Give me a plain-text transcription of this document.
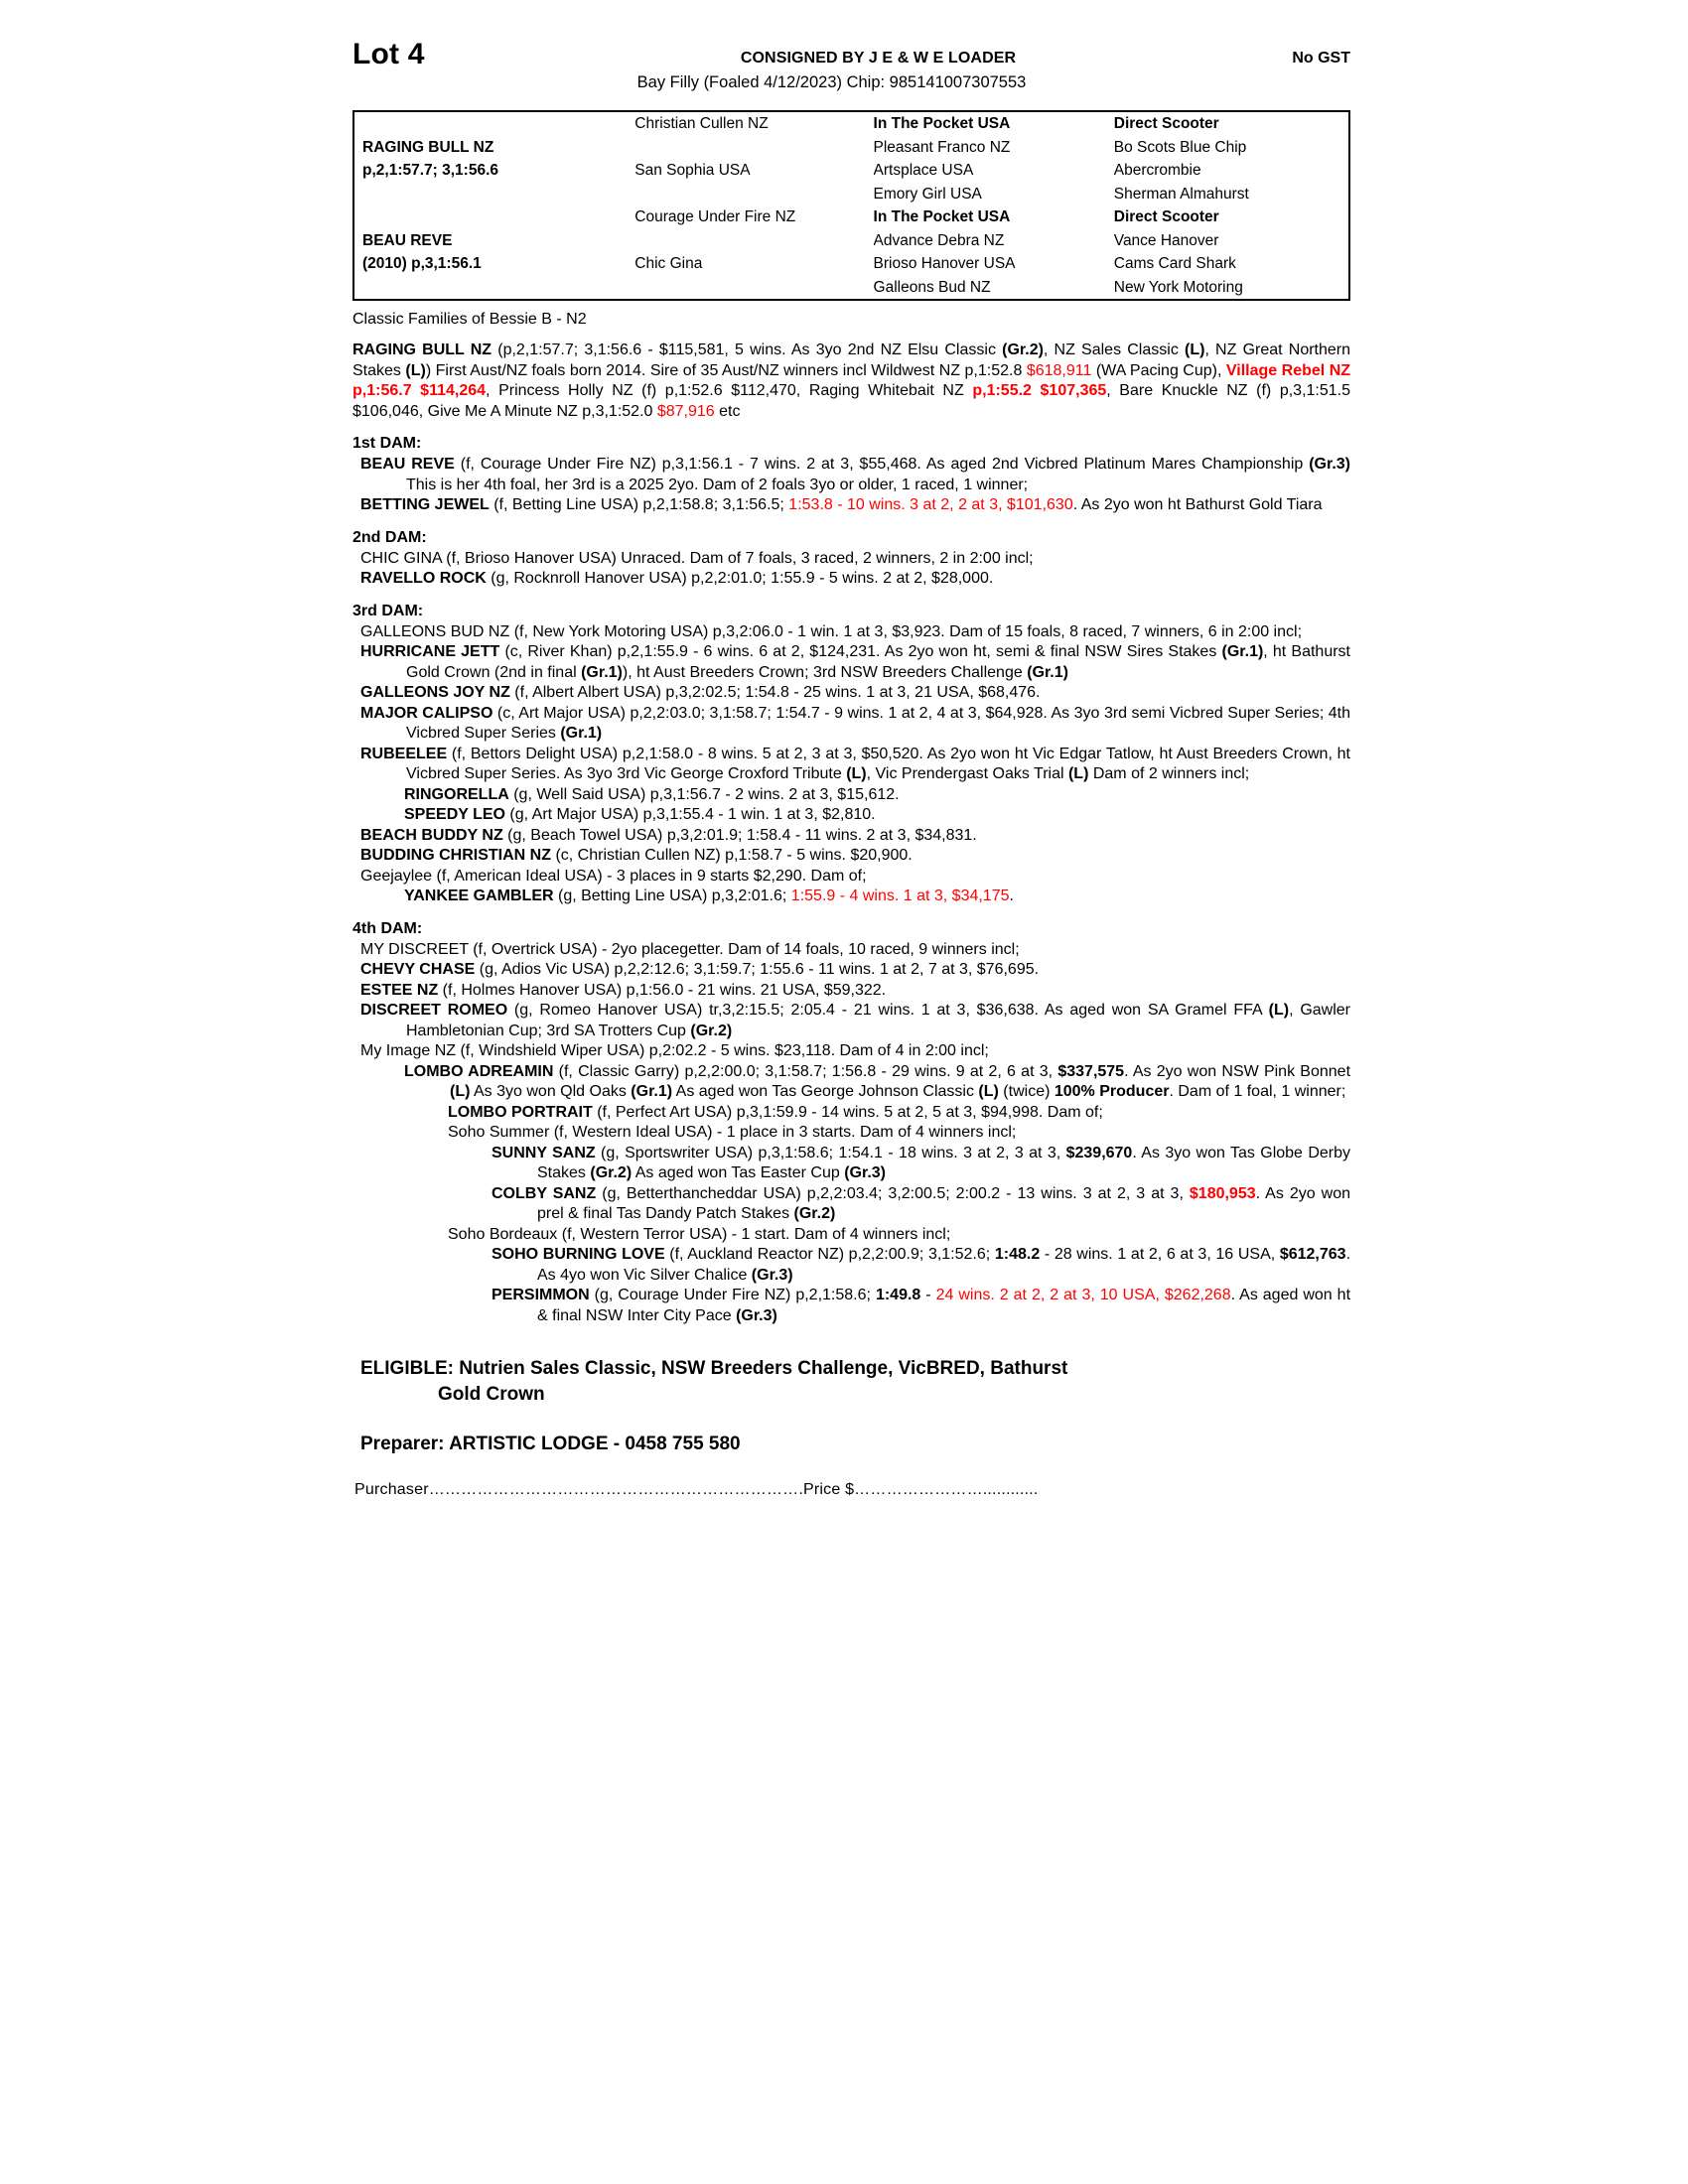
Lot 4	CONSIGNED BY J E & W E LOADER	No GST
Bay Filly (Foaled 4/12/2023) Chip: 985141007307553
RAGING BULL NZ
p,2,1:57.7; 3,1:56.6
BEAU REVE
(2010) p,3,1:56.1
Christian Cullen NZ
San Sophia USA
Courage Under Fire NZ
Chic Gina
In The Pocket USA
Pleasant Franco NZ
Artsplace USA
Emory Girl USA
In The Pocket USA
Advance Debra NZ
Brioso Hanover USA
Galleons Bud NZ
Direct Scooter
Bo Scots Blue Chip
Abercrombie
Sherman Almahurst
Direct Scooter
Vance Hanover
Cams Card Shark
New York Motoring
Classic Families of Bessie B - N2
RAGING BULL NZ (p,2,1:57.7; 3,1:56.6 - $115,581, 5 wins. As 3yo 2nd NZ Elsu Classic (Gr.2), NZ Sales Classic (L), NZ Great Northern Stakes (L)) First Aust/NZ foals born 2014. Sire of 35 Aust/NZ winners incl Wildwest NZ p,1:52.8 $618,911 (WA Pacing Cup), Village Rebel NZ p,1:56.7 $114,264, Princess Holly NZ (f) p,1:52.6 $112,470, Raging Whitebait NZ p,1:55.2 $107,365, Bare Knuckle NZ (f) p,3,1:51.5 $106,046, Give Me A Minute NZ p,3,1:52.0 $87,916 etc
1st DAM:
BEAU REVE (f, Courage Under Fire NZ) p,3,1:56.1 - 7 wins. 2 at 3, $55,468. As aged 2nd Vicbred Platinum Mares Championship (Gr.3) This is her 4th foal, her 3rd is a 2025 2yo. Dam of 2 foals 3yo or older, 1 raced, 1 winner;
BETTING JEWEL (f, Betting Line USA) p,2,1:58.8; 3,1:56.5; 1:53.8 - 10 wins. 3 at 2, 2 at 3, $101,630. As 2yo won ht Bathurst Gold Tiara
2nd DAM:
CHIC GINA (f, Brioso Hanover USA) Unraced. Dam of 7 foals, 3 raced, 2 winners, 2 in 2:00 incl;
RAVELLO ROCK (g, Rocknroll Hanover USA) p,2,2:01.0; 1:55.9 - 5 wins. 2 at 2, $28,000.
3rd DAM:
GALLEONS BUD NZ (f, New York Motoring USA) p,3,2:06.0 - 1 win. 1 at 3, $3,923. Dam of 15 foals, 8 raced, 7 winners, 6 in 2:00 incl;
HURRICANE JETT (c, River Khan) p,2,1:55.9 - 6 wins. 6 at 2, $124,231. As 2yo won ht, semi & final NSW Sires Stakes (Gr.1), ht Bathurst Gold Crown (2nd in final (Gr.1)), ht Aust Breeders Crown; 3rd NSW Breeders Challenge (Gr.1)
GALLEONS JOY NZ (f, Albert Albert USA) p,3,2:02.5; 1:54.8 - 25 wins. 1 at 3, 21 USA, $68,476.
MAJOR CALIPSO (c, Art Major USA) p,2,2:03.0; 3,1:58.7; 1:54.7 - 9 wins. 1 at 2, 4 at 3, $64,928. As 3yo 3rd semi Vicbred Super Series; 4th Vicbred Super Series (Gr.1)
RUBEELEE (f, Bettors Delight USA) p,2,1:58.0 - 8 wins. 5 at 2, 3 at 3, $50,520. As 2yo won ht Vic Edgar Tatlow, ht Aust Breeders Crown, ht Vicbred Super Series. As 3yo 3rd Vic George Croxford Tribute (L), Vic Prendergast Oaks Trial (L) Dam of 2 winners incl;
RINGORELLA (g, Well Said USA) p,3,1:56.7 - 2 wins. 2 at 3, $15,612.
SPEEDY LEO (g, Art Major USA) p,3,1:55.4 - 1 win. 1 at 3, $2,810.
BEACH BUDDY NZ (g, Beach Towel USA) p,3,2:01.9; 1:58.4 - 11 wins. 2 at 3, $34,831.
BUDDING CHRISTIAN NZ (c, Christian Cullen NZ) p,1:58.7 - 5 wins. $20,900.
Geejaylee (f, American Ideal USA) - 3 places in 9 starts $2,290. Dam of;
YANKEE GAMBLER (g, Betting Line USA) p,3,2:01.6; 1:55.9 - 4 wins. 1 at 3, $34,175.
4th DAM:
MY DISCREET (f, Overtrick USA) - 2yo placegetter. Dam of 14 foals, 10 raced, 9 winners incl;
CHEVY CHASE (g, Adios Vic USA) p,2,2:12.6; 3,1:59.7; 1:55.6 - 11 wins. 1 at 2, 7 at 3, $76,695.
ESTEE NZ (f, Holmes Hanover USA) p,1:56.0 - 21 wins. 21 USA, $59,322.
DISCREET ROMEO (g, Romeo Hanover USA) tr,3,2:15.5; 2:05.4 - 21 wins. 1 at 3, $36,638. As aged won SA Gramel FFA (L), Gawler Hambletonian Cup; 3rd SA Trotters Cup (Gr.2)
My Image NZ (f, Windshield Wiper USA) p,2:02.2 - 5 wins. $23,118. Dam of 4 in 2:00 incl;
LOMBO ADREAMIN (f, Classic Garry) p,2,2:00.0; 3,1:58.7; 1:56.8 - 29 wins. 9 at 2, 6 at 3, $337,575. As 2yo won NSW Pink Bonnet (L) As 3yo won Qld Oaks (Gr.1) As aged won Tas George Johnson Classic (L) (twice) 100% Producer. Dam of 1 foal, 1 winner;
LOMBO PORTRAIT (f, Perfect Art USA) p,3,1:59.9 - 14 wins. 5 at 2, 5 at 3, $94,998. Dam of;
Soho Summer (f, Western Ideal USA) - 1 place in 3 starts. Dam of 4 winners incl;
SUNNY SANZ (g, Sportswriter USA) p,3,1:58.6; 1:54.1 - 18 wins. 3 at 2, 3 at 3, $239,670. As 3yo won Tas Globe Derby Stakes (Gr.2) As aged won Tas Easter Cup (Gr.3)
COLBY SANZ (g, Betterthancheddar USA) p,2,2:03.4; 3,2:00.5; 2:00.2 - 13 wins. 3 at 2, 3 at 3, $180,953. As 2yo won prel & final Tas Dandy Patch Stakes (Gr.2)
Soho Bordeaux (f, Western Terror USA) - 1 start. Dam of 4 winners incl;
SOHO BURNING LOVE (f, Auckland Reactor NZ) p,2,2:00.9; 3,1:52.6; 1:48.2 - 28 wins. 1 at 2, 6 at 3, 16 USA, $612,763. As 4yo won Vic Silver Chalice (Gr.3)
PERSIMMON (g, Courage Under Fire NZ) p,2,1:58.6; 1:49.8 - 24 wins. 2 at 2, 2 at 3, 10 USA, $262,268. As aged won ht & final NSW Inter City Pace (Gr.3)
ELIGIBLE: Nutrien Sales Classic, NSW Breeders Challenge, VicBRED, Bathurst
Gold Crown
Preparer: ARTISTIC LODGE - 0458 755 580
Purchaser…………………………………………………………….Price $……………………............
